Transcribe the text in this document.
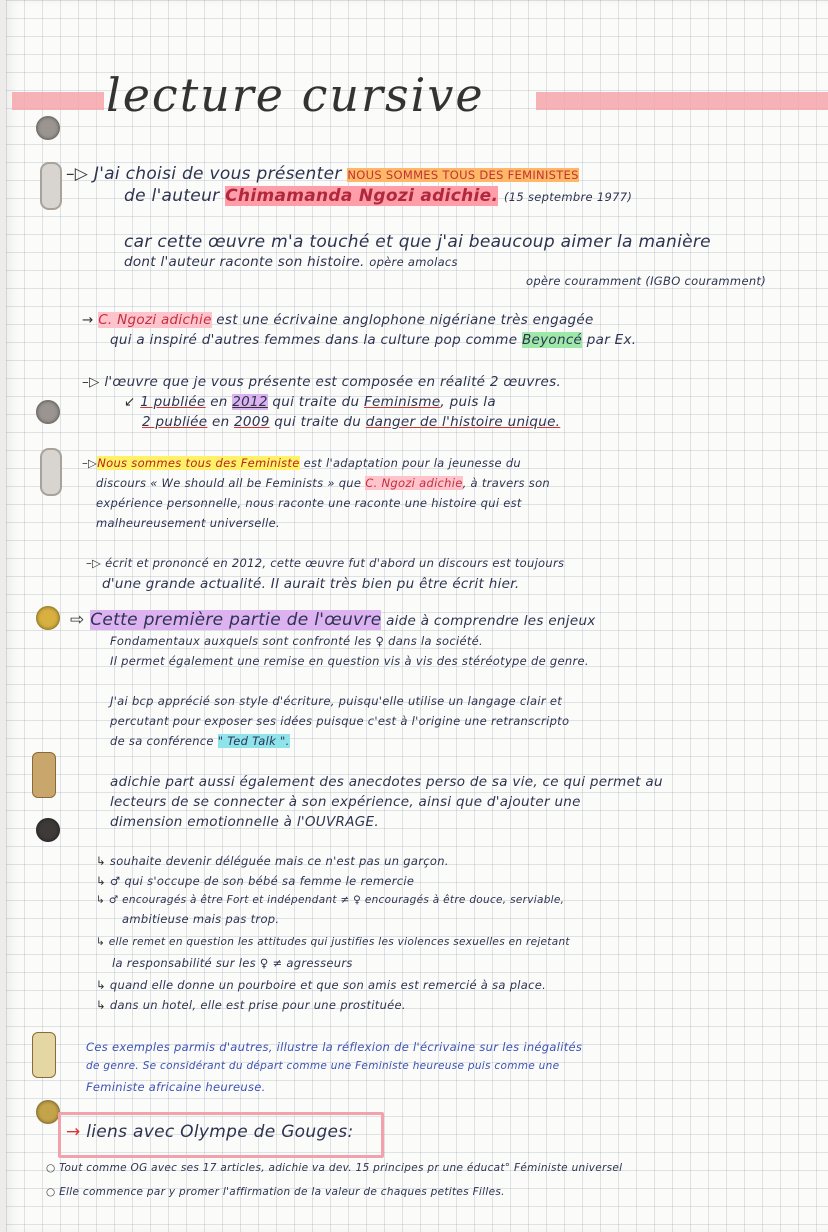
lecture cursive
–▷ J'ai choisi de vous présenter NOUS SOMMES TOUS DES FEMINISTES
de l'auteur Chimamanda Ngozi adichie. (15 septembre 1977)
car cette œuvre m'a touché et que j'ai beaucoup aimer la manière
dont l'auteur raconte son histoire. opère amolacs
opère couramment (IGBO couramment)
→ C. Ngozi adichie est une écrivaine anglophone nigériane très engagée
qui a inspiré d'autres femmes dans la culture pop comme Beyoncé par Ex.
–▷ l'œuvre que je vous présente est composée en réalité 2 œuvres.
↙ 1 publiée en 2012 qui traite du Feminisme, puis la
2 publiée en 2009 qui traite du danger de l'histoire unique.
–▷Nous sommes tous des Feministe est l'adaptation pour la jeunesse du
discours « We should all be Feminists » que C. Ngozi adichie, à travers son
expérience personnelle, nous raconte une raconte une histoire qui est
malheureusement universelle.
–▷ écrit et prononcé en 2012, cette œuvre fut d'abord un discours est toujours
d'une grande actualité. Il aurait très bien pu être écrit hier.
⇨ Cette première partie de l'œuvre aide à comprendre les enjeux
Fondamentaux auxquels sont confronté les ♀ dans la société.
Il permet également une remise en question vis à vis des stéréotype de genre.
J'ai bcp apprécié son style d'écriture, puisqu'elle utilise un langage clair et
percutant pour exposer ses idées puisque c'est à l'origine une retranscripto
de sa conférence " Ted Talk ".
adichie part aussi également des anecdotes perso de sa vie, ce qui permet au
lecteurs de se connecter à son expérience, ainsi que d'ajouter une
dimension emotionnelle à l'OUVRAGE.
↳ souhaite devenir déléguée mais ce n'est pas un garçon.
↳ ♂ qui s'occupe de son bébé sa femme le remercie
↳ ♂ encouragés à être Fort et indépendant ≠ ♀ encouragés à être douce, serviable,
ambitieuse mais pas trop.
↳ elle remet en question les attitudes qui justifies les violences sexuelles en rejetant
la responsabilité sur les ♀ ≠ agresseurs
↳ quand elle donne un pourboire et que son amis est remercié à sa place.
↳ dans un hotel, elle est prise pour une prostituée.
Ces exemples parmis d'autres, illustre la réflexion de l'écrivaine sur les inégalités
de genre. Se considérant du départ comme une Feministe heureuse puis comme une
Feministe africaine heureuse.
→ liens avec Olympe de Gouges:
○ Tout comme OG avec ses 17 articles, adichie va dev. 15 principes pr une éducat° Féministe universel
○ Elle commence par y promer l'affirmation de la valeur de chaques petites Filles.
